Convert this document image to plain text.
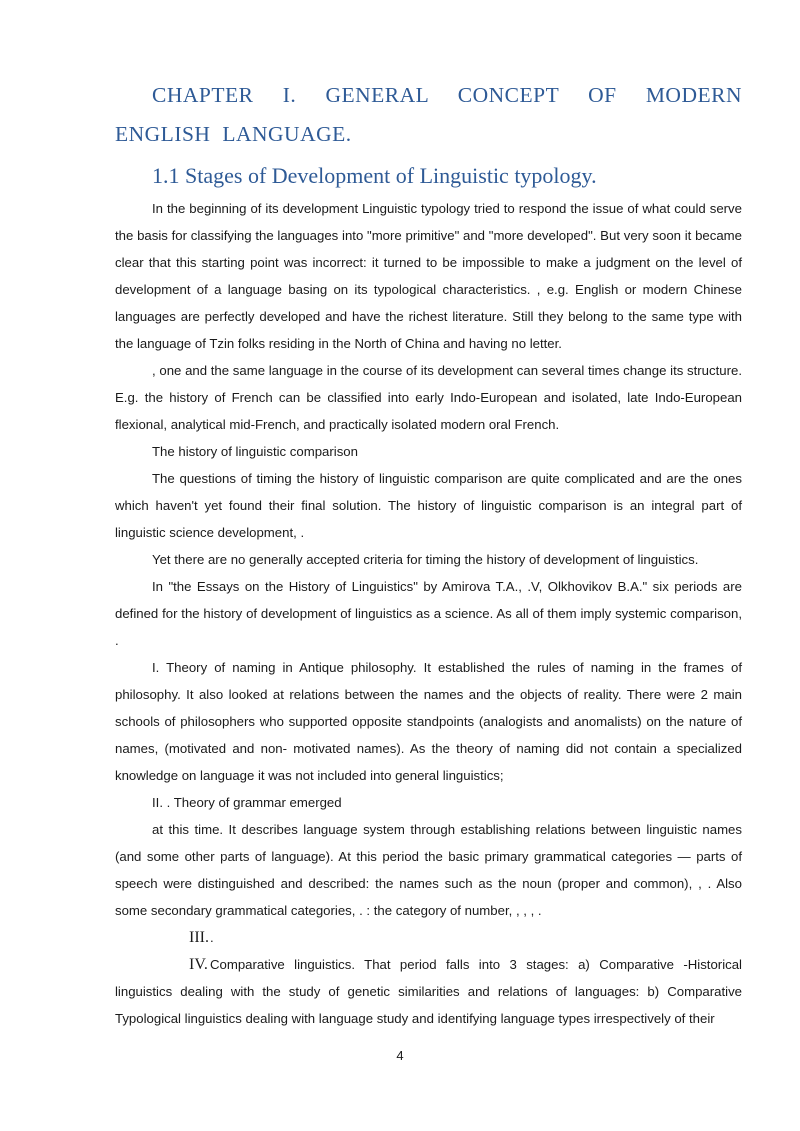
CHAPTER I. GENERAL CONCEPT OF MODERN ENGLISH LANGUAGE.
1.1 Stages of Development of Linguistic typology.

In the beginning of its development Linguistic typology tried to respond the issue of what could serve the basis for classifying the languages into "more primitive" and "more developed". But very soon it became clear that this starting point was incorrect: it turned to be impossible to make a judgment on the level of development of a language basing on its typological characteristics. , e.g. English or modern Chinese languages are perfectly developed and have the richest literature. Still they belong to the same type with the language of Tzin folks residing in the North of China and having no letter.

, one and the same language in the course of its development can several times change its structure. E.g. the history of French can be classified into early Indo-European and isolated, late Indo-European flexional, analytical mid-French, and practically isolated modern oral French.

The history of linguistic comparison

The questions of timing the history of linguistic comparison are quite complicated and are the ones which haven't yet found their final solution. The history of linguistic comparison is an integral part of linguistic science development, .

Yet there are no generally accepted criteria for timing the history of development of linguistics.

In "the Essays on the History of Linguistics" by Amirova T.A., .V, Olkhovikov B.A." six periods are defined for the history of development of linguistics as a science. As all of them imply systemic comparison, .

I. Theory of naming in Antique philosophy. It established the rules of naming in the frames of philosophy. It also looked at relations between the names and the objects of reality. There were 2 main schools of philosophers who supported opposite standpoints (analogists and anomalists) on the nature of names, (motivated and non- motivated names). As the theory of naming did not contain a specialized knowledge on language it was not included into general linguistics;

II. . Theory of grammar emerged

at this time. It describes language system through establishing relations between linguistic names (and some other parts of language). At this period the basic primary grammatical categories — parts of speech were distinguished and described: the names such as the noun (proper and common), , . Also some secondary grammatical categories, . : the category of number, , , , .

III..

IV. Comparative linguistics. That period falls into 3 stages: a) Comparative -Historical linguistics dealing with the study of genetic similarities and relations of languages: b) Comparative Typological linguistics dealing with language study and identifying language types irrespectively of their

4
